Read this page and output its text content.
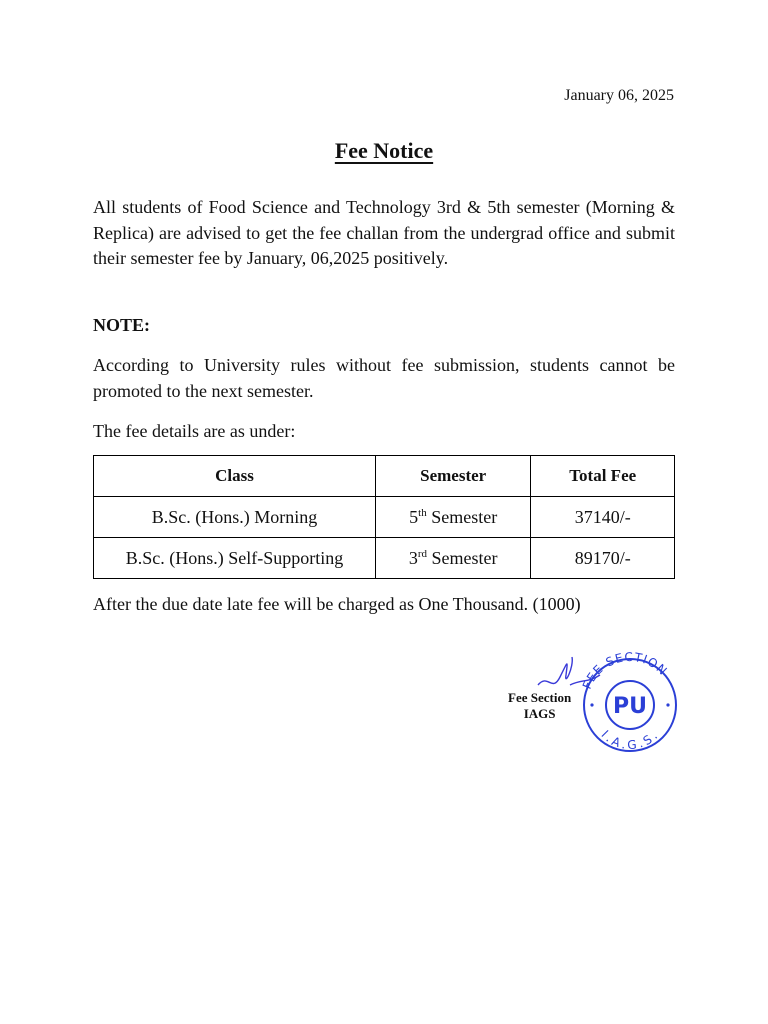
January 06, 2025
Fee Notice

All students of Food Science and Technology 3rd & 5th semester (Morning & Replica) are advised to get the fee challan from the undergrad office and submit their semester fee by January, 06,2025 positively.

NOTE:

According to University rules without fee submission, students cannot be promoted to the next semester.

The fee details are as under:

Class	Semester	Total Fee
B.Sc. (Hons.) Morning	5th Semester	37140/-
B.Sc. (Hons.) Self-Supporting	3rd Semester	89170/-

After the due date late fee will be charged as One Thousand. (1000)

FEE SECTION
I.A.G.S.
PU
Fee Section
IAGS
